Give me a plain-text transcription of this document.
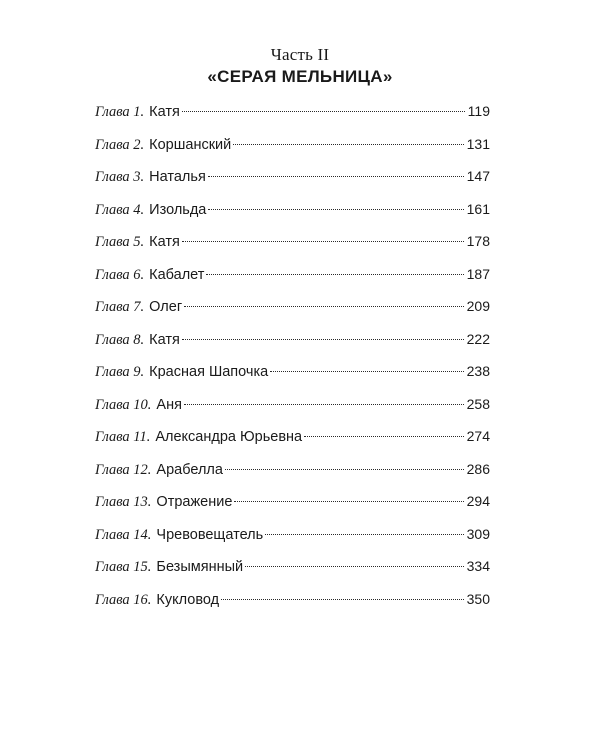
Часть II
«СЕРАЯ МЕЛЬНИЦА»
Глава 1. Катя	119
Глава 2. Коршанский	131
Глава 3. Наталья	147
Глава 4. Изольда	161
Глава 5. Катя	178
Глава 6. Кабалет	187
Глава 7. Олег	209
Глава 8. Катя	222
Глава 9. Красная Шапочка	238
Глава 10. Аня	258
Глава 11. Александра Юрьевна	274
Глава 12. Арабелла	286
Глава 13. Отражение	294
Глава 14. Чревовещатель	309
Глава 15. Безымянный	334
Глава 16. Кукловод	350
